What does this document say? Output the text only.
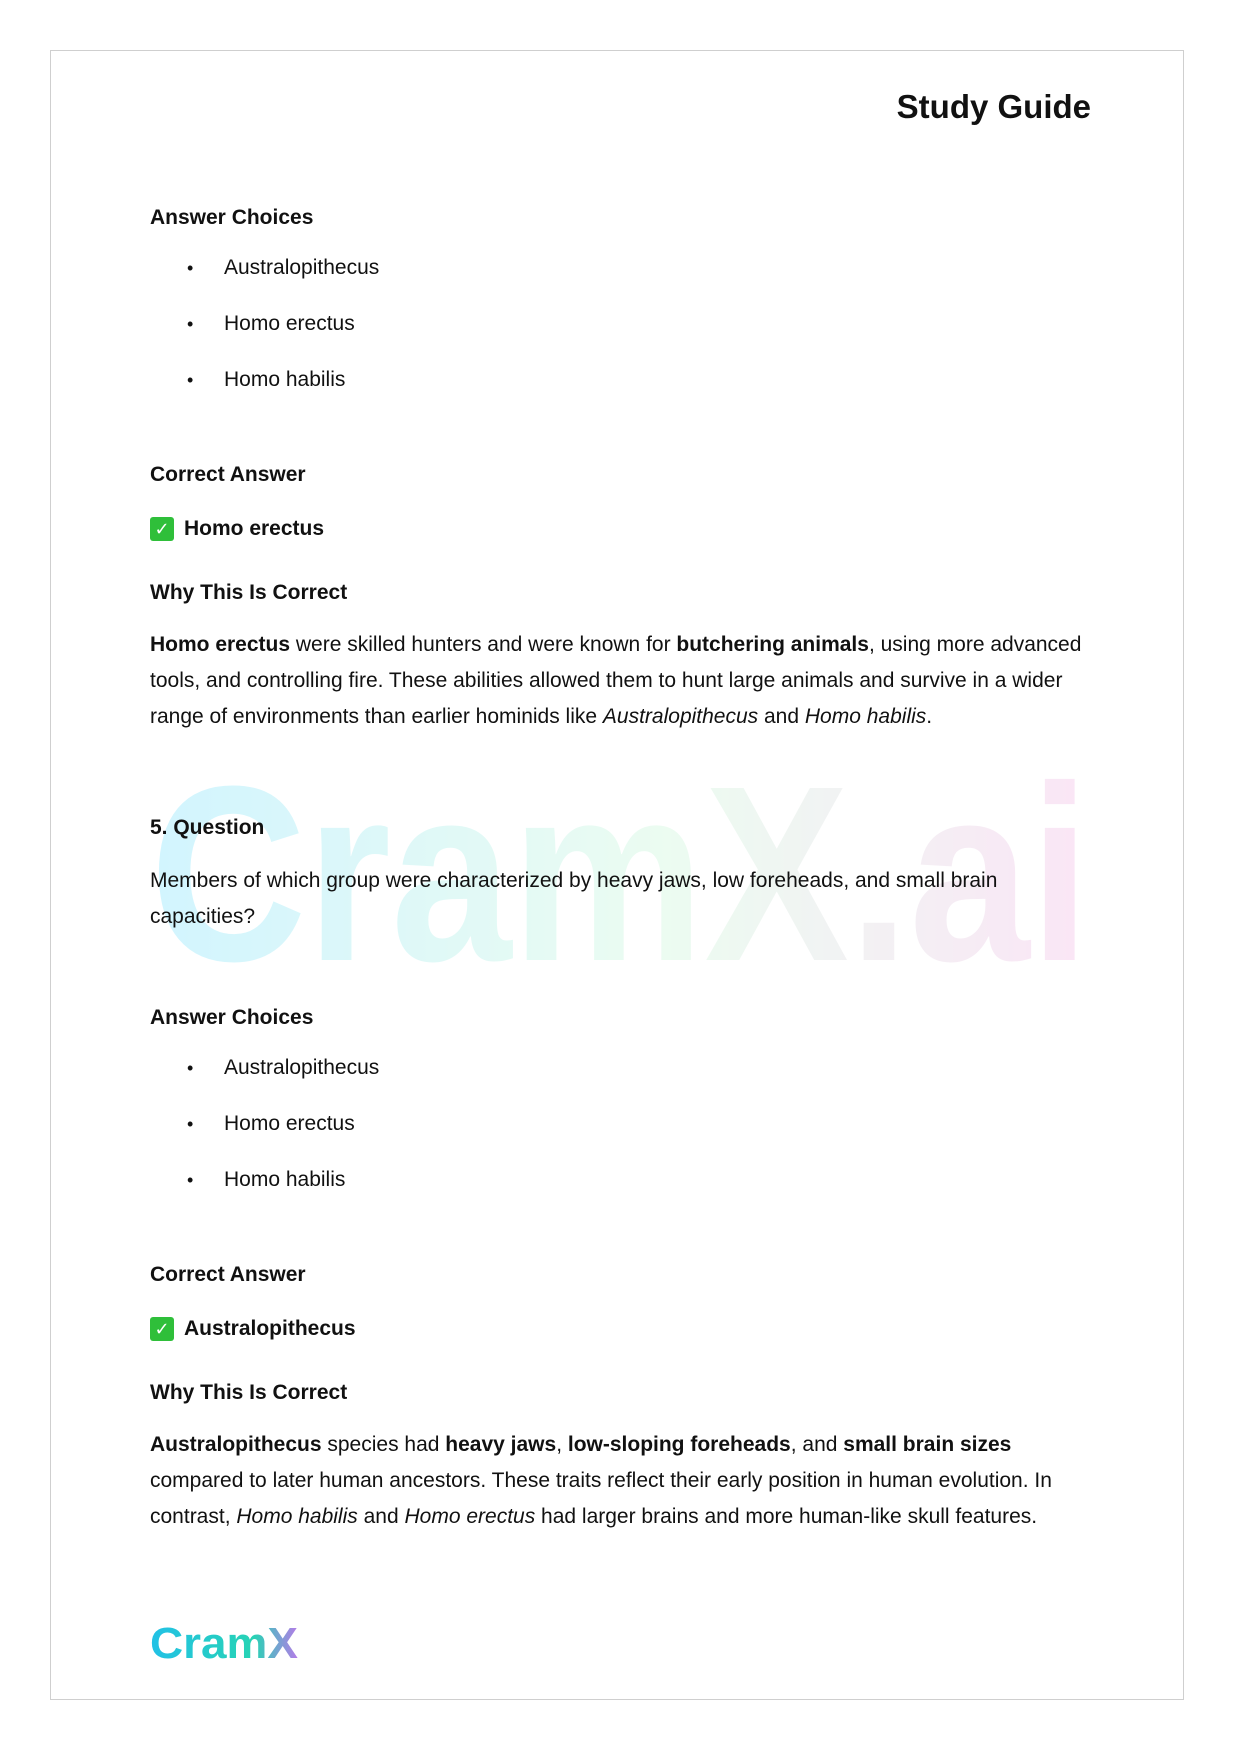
Study Guide
CramX.ai
Answer Choices
•	Australopithecus
•	Homo erectus
•	Homo habilis
Correct Answer
✓ Homo erectus
Why This Is Correct

Homo erectus were skilled hunters and were known for butchering animals, using more advanced tools, and controlling fire. These abilities allowed them to hunt large animals and survive in a wider range of environments than earlier hominids like Australopithecus and Homo habilis.

5. Question

Members of which group were characterized by heavy jaws, low foreheads, and small brain capacities?

Answer Choices
•	Australopithecus
•	Homo erectus
•	Homo habilis
Correct Answer
✓ Australopithecus
Why This Is Correct

Australopithecus species had heavy jaws, low-sloping foreheads, and small brain sizes compared to later human ancestors. These traits reflect their early position in human evolution. In contrast, Homo habilis and Homo erectus had larger brains and more human-like skull features.

CramX
